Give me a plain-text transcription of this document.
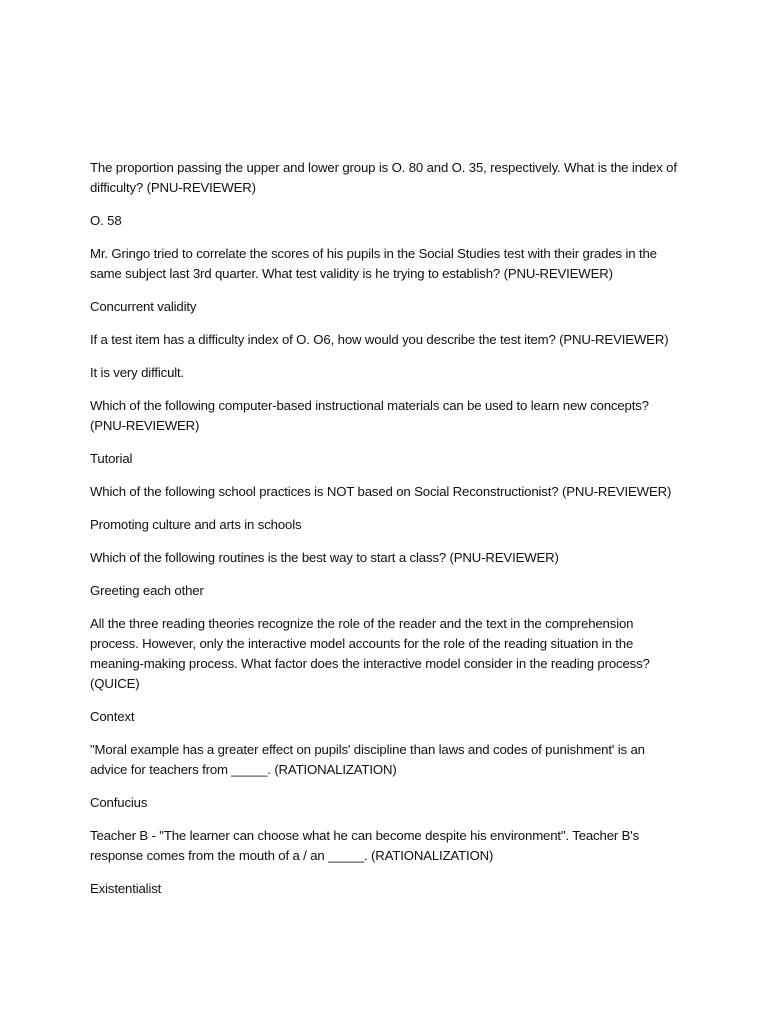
The proportion passing the upper and lower group is O. 80 and O. 35, respectively. What is the index of difficulty? (PNU-REVIEWER)

O. 58

Mr. Gringo tried to correlate the scores of his pupils in the Social Studies test with their grades in the same subject last 3rd quarter. What test validity is he trying to establish? (PNU-REVIEWER)

Concurrent validity

If a test item has a difficulty index of O. O6, how would you describe the test item? (PNU-REVIEWER)

It is very difficult.

Which of the following computer-based instructional materials can be used to learn new concepts? (PNU-REVIEWER)

Tutorial

Which of the following school practices is NOT based on Social Reconstructionist? (PNU-REVIEWER)

Promoting culture and arts in schools

Which of the following routines is the best way to start a class? (PNU-REVIEWER)

Greeting each other

All the three reading theories recognize the role of the reader and the text in the comprehension process. However, only the interactive model accounts for the role of the reading situation in the meaning-making process. What factor does the interactive model consider in the reading process? (QUICE)

Context

"Moral example has a greater effect on pupils' discipline than laws and codes of punishment' is an advice for teachers from _____. (RATIONALIZATION)

Confucius

Teacher B - "The learner can choose what he can become despite his environment". Teacher B's response comes from the mouth of a / an _____. (RATIONALIZATION)

Existentialist
